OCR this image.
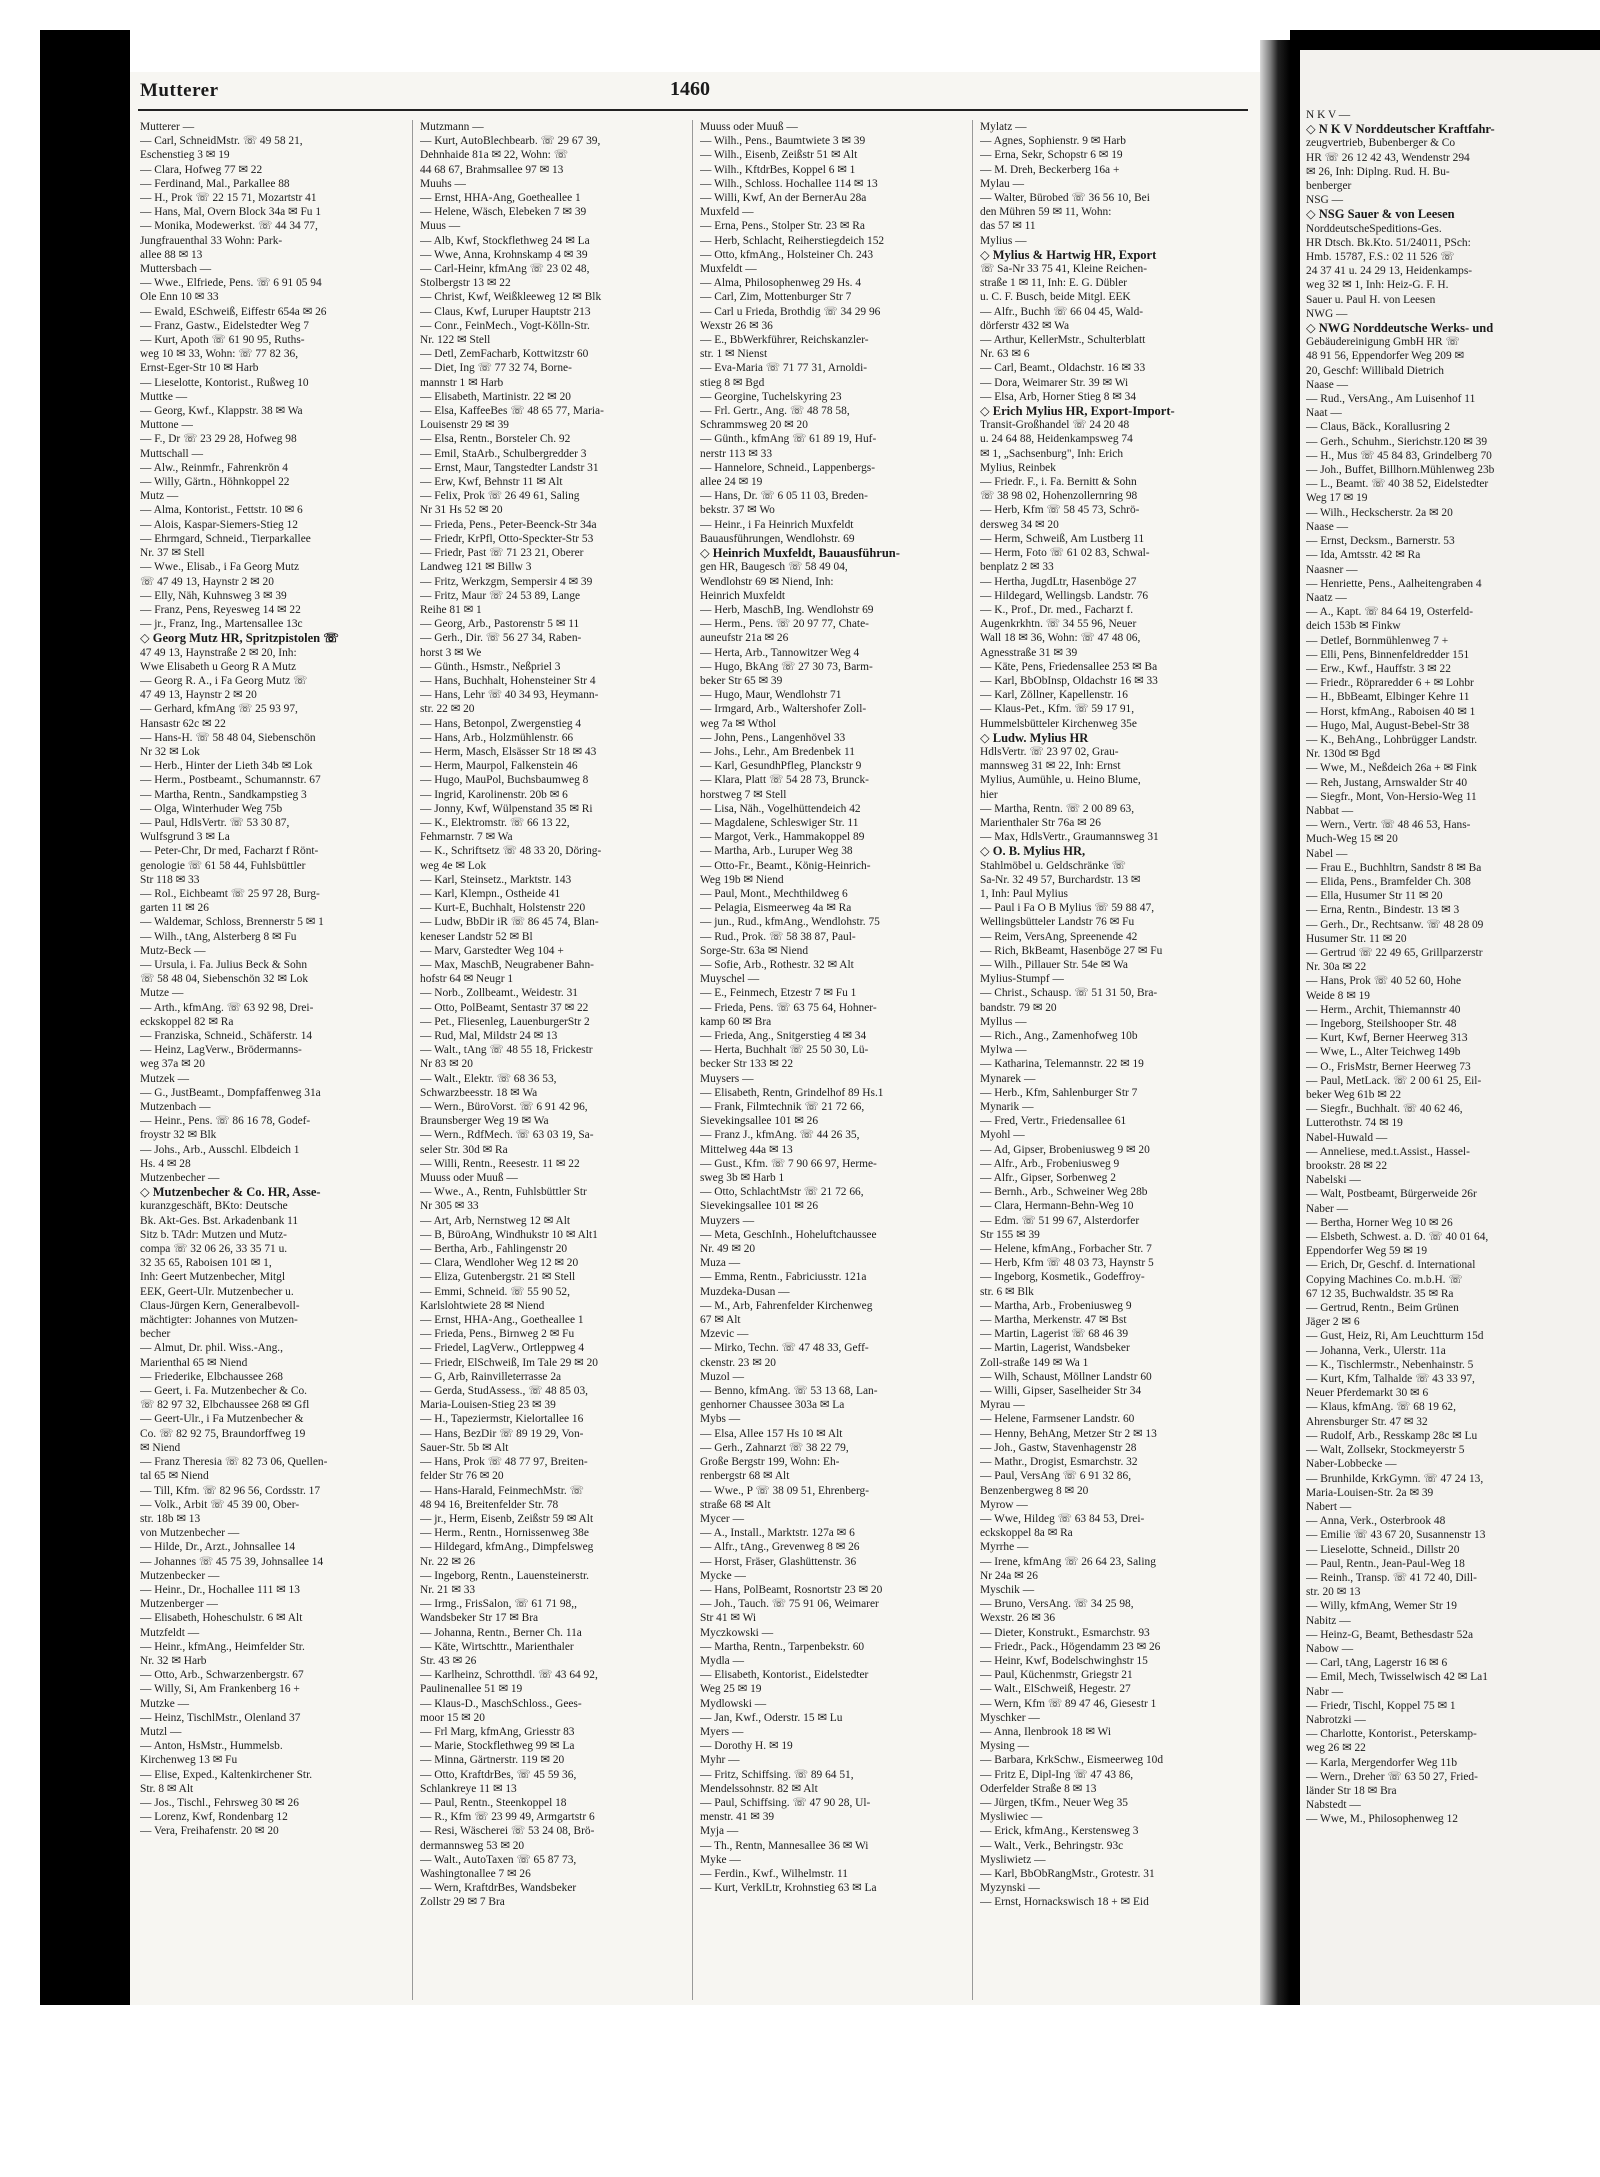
Mutterer	1460
Mutterer —
— Carl, SchneidMstr. ☏ 49 58 21,
Eschenstieg 3 ✉ 19
— Clara, Hofweg 77 ✉ 22
— Ferdinand, Mal., Parkallee 88
— H., Prok ☏ 22 15 71, Mozartstr 41
— Hans, Mal, Overn Block 34a ✉ Fu 1
— Monika, Modewerkst. ☏ 44 34 77,
Jungfrauenthal 33 Wohn: Park-
allee 88 ✉ 13
Muttersbach —
— Wwe., Elfriede, Pens. ☏ 6 91 05 94
Ole Enn 10 ✉ 33
— Ewald, ESchweiß, Eiffestr 654a ✉ 26
— Franz, Gastw., Eidelstedter Weg 7
— Kurt, Apoth ☏ 61 90 95, Ruths-
weg 10 ✉ 33, Wohn: ☏ 77 82 36,
Ernst-Eger-Str 10 ✉ Harb
— Lieselotte, Kontorist., Rußweg 10
Muttke —
— Georg, Kwf., Klappstr. 38 ✉ Wa
Muttone —
— F., Dr ☏ 23 29 28, Hofweg 98
Muttschall —
— Alw., Reinmfr., Fahrenkrön 4
— Willy, Gärtn., Höhnkoppel 22
Mutz —
— Alma, Kontorist., Fettstr. 10 ✉ 6
— Alois, Kaspar-Siemers-Stieg 12
— Ehrmgard, Schneid., Tierparkallee
Nr. 37 ✉ Stell
— Wwe., Elisab., i Fa Georg Mutz
☏ 47 49 13, Haynstr 2 ✉ 20
— Elly, Näh, Kuhnsweg 3 ✉ 39
— Franz, Pens, Reyesweg 14 ✉ 22
— jr., Franz, Ing., Martensallee 13c
◇ Georg Mutz HR, Spritzpistolen ☏
47 49 13, Haynstraße 2 ✉ 20, Inh:
Wwe Elisabeth u Georg R A Mutz
— Georg R. A., i Fa Georg Mutz ☏
47 49 13, Haynstr 2 ✉ 20
— Gerhard, kfmAng ☏ 25 93 97,
Hansastr 62c ✉ 22
— Hans-H. ☏ 58 48 04, Siebenschön
Nr 32 ✉ Lok
— Herb., Hinter der Lieth 34b ✉ Lok
— Herm., Postbeamt., Schumannstr. 67
— Martha, Rentn., Sandkampstieg 3
— Olga, Winterhuder Weg 75b
— Paul, HdlsVertr. ☏ 53 30 87,
Wulfsgrund 3 ✉ La
— Peter-Chr, Dr med, Facharzt f Rönt-
genologie ☏ 61 58 44, Fuhlsbüttler
Str 118 ✉ 33
— Rol., Eichbeamt ☏ 25 97 28, Burg-
garten 11 ✉ 26
— Waldemar, Schloss, Brennerstr 5 ✉ 1
— Wilh., tAng, Alsterberg 8 ✉ Fu
Mutz-Beck —
— Ursula, i. Fa. Julius Beck & Sohn
☏ 58 48 04, Siebenschön 32 ✉ Lok
Mutze —
— Arth., kfmAng. ☏ 63 92 98, Drei-
eckskoppel 82 ✉ Ra
— Franziska, Schneid., Schäferstr. 14
— Heinz, LagVerw., Brödermanns-
weg 37a ✉ 20
Mutzek —
— G., JustBeamt., Dompfaffenweg 31a
Mutzenbach —
— Heinr., Pens. ☏ 86 16 78, Godef-
froystr 32 ✉ Blk
— Johs., Arb., Ausschl. Elbdeich 1
Hs. 4 ✉ 28
Mutzenbecher —
◇ Mutzenbecher & Co. HR, Asse-
kuranzgeschäft, BKto: Deutsche
Bk. Akt-Ges. Bst. Arkadenbank 11
Sitz b. TAdr: Mutzen und Mutz-
compa ☏ 32 06 26, 33 35 71 u.
32 35 65, Raboisen 101 ✉ 1,
Inh: Geert Mutzenbecher, Mitgl
EEK, Geert-Ulr. Mutzenbecher u.
Claus-Jürgen Kern, Generalbevoll-
mächtigter: Johannes von Mutzen-
becher
— Almut, Dr. phil. Wiss.-Ang.,
Marienthal 65 ✉ Niend
— Friederike, Elbchaussee 268
— Geert, i. Fa. Mutzenbecher & Co.
☏ 82 97 32, Elbchaussee 268 ✉ Gfl
— Geert-Ulr., i Fa Mutzenbecher &
Co. ☏ 82 92 75, Braundorffweg 19
✉ Niend
— Franz Theresia ☏ 82 73 06, Quellen-
tal 65 ✉ Niend
— Till, Kfm. ☏ 82 96 56, Cordsstr. 17
— Volk., Arbit ☏ 45 39 00, Ober-
str. 18b ✉ 13
von Mutzenbecher —
— Hilde, Dr., Arzt., Johnsallee 14
— Johannes ☏ 45 75 39, Johnsallee 14
Mutzenbecker —
— Heinr., Dr., Hochallee 111 ✉ 13
Mutzenberger —
— Elisabeth, Hoheschulstr. 6 ✉ Alt
Mutzfeldt —
— Heinr., kfmAng., Heimfelder Str.
Nr. 32 ✉ Harb
— Otto, Arb., Schwarzenbergstr. 67
— Willy, Si, Am Frankenberg 16 +
Mutzke —
— Heinz, TischlMstr., Olenland 37
Mutzl —
— Anton, HsMstr., Hummelsb.
Kirchenweg 13 ✉ Fu
— Elise, Exped., Kaltenkirchener Str.
Str. 8 ✉ Alt
— Jos., Tischl., Fehrsweg 30 ✉ 26
— Lorenz, Kwf, Rondenbarg 12
— Vera, Freihafenstr. 20 ✉ 20
Mutzmann —
— Kurt, AutoBlechbearb. ☏ 29 67 39,
Dehnhaide 81a ✉ 22, Wohn: ☏
44 68 67, Brahmsallee 97 ✉ 13
Muuhs —
— Ernst, HHA-Ang, Goetheallee 1
— Helene, Wäsch, Elebeken 7 ✉ 39
Muus —
— Alb, Kwf, Stockflethweg 24 ✉ La
— Wwe, Anna, Krohnskamp 4 ✉ 39
— Carl-Heinr, kfmAng ☏ 23 02 48,
Stolbergstr 13 ✉ 22
— Christ, Kwf, Weißkleeweg 12 ✉ Blk
— Claus, Kwf, Luruper Hauptstr 213
— Conr., FeinMech., Vogt-Kölln-Str.
Nr. 122 ✉ Stell
— Detl, ZemFacharb, Kottwitzstr 60
— Diet, Ing ☏ 77 32 74, Borne-
mannstr 1 ✉ Harb
— Elisabeth, Martinistr. 22 ✉ 20
— Elsa, KaffeeBes ☏ 48 65 77, Maria-
Louisenstr 29 ✉ 39
— Elsa, Rentn., Borsteler Ch. 92
— Emil, StaArb., Schulbergredder 3
— Ernst, Maur, Tangstedter Landstr 31
— Erw, Kwf, Behnstr 11 ✉ Alt
— Felix, Prok ☏ 26 49 61, Saling
Nr 31 Hs 52 ✉ 20
— Frieda, Pens., Peter-Beenck-Str 34a
— Friedr, KrPfl, Otto-Speckter-Str 53
— Friedr, Past ☏ 71 23 21, Oberer
Landweg 121 ✉ Billw 3
— Fritz, Werkzgm, Sempersir 4 ✉ 39
— Fritz, Maur ☏ 24 53 89, Lange
Reihe 81 ✉ 1
— Georg, Arb., Pastorenstr 5 ✉ 11
— Gerh., Dir. ☏ 56 27 34, Raben-
horst 3 ✉ We
— Günth., Hsmstr., Neßpriel 3
— Hans, Buchhalt, Hohensteiner Str 4
— Hans, Lehr ☏ 40 34 93, Heymann-
str. 22 ✉ 20
— Hans, Betonpol, Zwergenstieg 4
— Hans, Arb., Holzmühlenstr. 66
— Herm, Masch, Elsässer Str 18 ✉ 43
— Herm, Maurpol, Falkenstein 46
— Hugo, MauPol, Buchsbaumweg 8
— Ingrid, Karolinenstr. 20b ✉ 6
— Jonny, Kwf, Wülpenstand 35 ✉ Ri
— K., Elektromstr. ☏ 66 13 22,
Fehmarnstr. 7 ✉ Wa
— K., Schriftsetz ☏ 48 33 20, Döring-
weg 4e ✉ Lok
— Karl, Steinsetz., Marktstr. 143
— Karl, Klempn., Ostheide 41
— Kurt-E, Buchhalt, Holstenstr 220
— Ludw, BbDir iR ☏ 86 45 74, Blan-
keneser Landstr 52 ✉ Bl
— Marv, Garstedter Weg 104 +
— Max, MaschB, Neugrabener Bahn-
hofstr 64 ✉ Neugr 1
— Norb., Zollbeamt., Weidestr. 31
— Otto, PolBeamt, Sentastr 37 ✉ 22
— Pet., Fliesenleg, LauenburgerStr 2
— Rud, Mal, Mildstr 24 ✉ 13
— Walt., tAng ☏ 48 55 18, Frickestr
Nr 83 ✉ 20
— Walt., Elektr. ☏ 68 36 53,
Schwarzbeesstr. 18 ✉ Wa
— Wern., BüroVorst. ☏ 6 91 42 96,
Braunsberger Weg 19 ✉ Wa
— Wern., RdfMech. ☏ 63 03 19, Sa-
seler Str. 30d ✉ Ra
— Willi, Rentn., Reesestr. 11 ✉ 22
Muuss oder Muuß —
— Wwe., A., Rentn, Fuhlsbüttler Str
Nr 305 ✉ 33
— Art, Arb, Nernstweg 12 ✉ Alt
— B, BüroAng, Windhukstr 10 ✉ Alt1
— Bertha, Arb., Fahlingenstr 20
— Clara, Wendloher Weg 12 ✉ 20
— Eliza, Gutenbergstr. 21 ✉ Stell
— Emmi, Schneid. ☏ 55 90 52,
Karlslohtwiete 28 ✉ Niend
— Ernst, HHA-Ang., Goetheallee 1
— Frieda, Pens., Birnweg 2 ✉ Fu
— Friedel, LagVerw., Ortleppweg 4
— Friedr, ElSchweiß, Im Tale 29 ✉ 20
— G, Arb, Rainvilleterrasse 2a
— Gerda, StudAssess., ☏ 48 85 03,
Maria-Louisen-Stieg 23 ✉ 39
— H., Tapeziermstr, Kielortallee 16
— Hans, BezDir ☏ 89 19 29, Von-
Sauer-Str. 5b ✉ Alt
— Hans, Prok ☏ 48 77 97, Breiten-
felder Str 76 ✉ 20
— Hans-Harald, FeinmechMstr. ☏
48 94 16, Breitenfelder Str. 78
— jr., Herm, Eisenb, Zeißstr 59 ✉ Alt
— Herm., Rentn., Hornissenweg 38e
— Hildegard, kfmAng., Dimpfelsweg
Nr. 22 ✉ 26
— Ingeborg, Rentn., Lauensteinerstr.
Nr. 21 ✉ 33
— Irmg., FrisSalon, ☏ 61 71 98,,
Wandsbeker Str 17 ✉ Bra
— Johanna, Rentn., Berner Ch. 11a
— Käte, Wirtschttr., Marienthaler
Str. 43 ✉ 26
— Karlheinz, Schrotthdl. ☏ 43 64 92,
Paulinenallee 51 ✉ 19
— Klaus-D., MaschSchloss., Gees-
moor 15 ✉ 20
— Frl Marg, kfmAng, Griesstr 83
— Marie, Stockflethweg 99 ✉ La
— Minna, Gärtnerstr. 119 ✉ 20
— Otto, KraftdrBes, ☏ 45 59 36,
Schlankreye 11 ✉ 13
— Paul, Rentn., Steenkoppel 18
— R., Kfm ☏ 23 99 49, Armgartstr 6
— Resi, Wäscherei ☏ 53 24 08, Brö-
dermannsweg 53 ✉ 20
— Walt., AutoTaxen ☏ 65 87 73,
Washingtonallee 7 ✉ 26
— Wern, KraftdrBes, Wandsbeker
Zollstr 29 ✉ 7 Bra
Muuss oder Muuß —
— Wilh., Pens., Baumtwiete 3 ✉ 39
— Wilh., Eisenb, Zeißstr 51 ✉ Alt
— Wilh., KftdrBes, Koppel 6 ✉ 1
— Wilh., Schloss. Hochallee 114 ✉ 13
— Willi, Kwf, An der BernerAu 28a
Muxfeld —
— Erna, Pens., Stolper Str. 23 ✉ Ra
— Herb, Schlacht, Reiherstiegdeich 152
— Otto, kfmAng., Holsteiner Ch. 243
Muxfeldt —
— Alma, Philosophenweg 29 Hs. 4
— Carl, Zim, Mottenburger Str 7
— Carl u Frieda, Brothdig ☏ 34 29 96
Wexstr 26 ✉ 36
— E., BbWerkführer, Reichskanzler-
str. 1 ✉ Nienst
— Eva-Maria ☏ 71 77 31, Arnoldi-
stieg 8 ✉ Bgd
— Georgine, Tuchelskyring 23
— Frl. Gertr., Ang. ☏ 48 78 58,
Schrammsweg 20 ✉ 20
— Günth., kfmAng ☏ 61 89 19, Huf-
nerstr 113 ✉ 33
— Hannelore, Schneid., Lappenbergs-
allee 24 ✉ 19
— Hans, Dr. ☏ 6 05 11 03, Breden-
bekstr. 37 ✉ Wo
— Heinr., i Fa Heinrich Muxfeldt
Bauausführungen, Wendlohstr. 69
◇ Heinrich Muxfeldt, Bauausführun-
gen HR, Baugesch ☏ 58 49 04,
Wendlohstr 69 ✉ Niend, Inh:
Heinrich Muxfeldt
— Herb, MaschB, Ing. Wendlohstr 69
— Herm., Pens. ☏ 20 97 77, Chate-
auneufstr 21a ✉ 26
— Herta, Arb., Tannowitzer Weg 4
— Hugo, BkAng ☏ 27 30 73, Barm-
beker Str 65 ✉ 39
— Hugo, Maur, Wendlohstr 71
— Irmgard, Arb., Waltershofer Zoll-
weg 7a ✉ Wthol
— John, Pens., Langenhövel 33
— Johs., Lehr., Am Bredenbek 11
— Karl, GesundhPfleg, Planckstr 9
— Klara, Platt ☏ 54 28 73, Brunck-
horstweg 7 ✉ Stell
— Lisa, Näh., Vogelhüttendeich 42
— Magdalene, Schleswiger Str. 11
— Margot, Verk., Hammakoppel 89
— Martha, Arb., Luruper Weg 38
— Otto-Fr., Beamt., König-Heinrich-
Weg 19b ✉ Niend
— Paul, Mont., Mechthildweg 6
— Pelagia, Eismeerweg 4a ✉ Ra
— jun., Rud., kfmAng., Wendlohstr. 75
— Rud., Prok. ☏ 58 38 87, Paul-
Sorge-Str. 63a ✉ Niend
— Sofie, Arb., Rothestr. 32 ✉ Alt
Muyschel —
— E., Feinmech, Etzestr 7 ✉ Fu 1
— Frieda, Pens. ☏ 63 75 64, Hohner-
kamp 60 ✉ Bra
— Frieda, Ang., Snitgerstieg 4 ✉ 34
— Herta, Buchhalt ☏ 25 50 30, Lü-
becker Str 133 ✉ 22
Muysers —
— Elisabeth, Rentn, Grindelhof 89 Hs.1
— Frank, Filmtechnik ☏ 21 72 66,
Sievekingsallee 101 ✉ 26
— Franz J., kfmAng. ☏ 44 26 35,
Mittelweg 44a ✉ 13
— Gust., Kfm. ☏ 7 90 66 97, Herme-
sweg 3b ✉ Harb 1
— Otto, SchlachtMstr ☏ 21 72 66,
Sievekingsallee 101 ✉ 26
Muyzers —
— Meta, GeschInh., Hoheluftchaussee
Nr. 49 ✉ 20
Muza —
— Emma, Rentn., Fabriciusstr. 121a
Muzdeka-Dusan —
— M., Arb, Fahrenfelder Kirchenweg
67 ✉ Alt
Mzevic —
— Mirko, Techn. ☏ 47 48 33, Geff-
ckenstr. 23 ✉ 20
Muzol —
— Benno, kfmAng. ☏ 53 13 68, Lan-
genhorner Chaussee 303a ✉ La
Mybs —
— Elsa, Allee 157 Hs 10 ✉ Alt
— Gerh., Zahnarzt ☏ 38 22 79,
Große Bergstr 199, Wohn: Eh-
renbergstr 68 ✉ Alt
— Wwe., P ☏ 38 09 51, Ehrenberg-
straße 68 ✉ Alt
Mycer —
— A., Install., Marktstr. 127a ✉ 6
— Alfr., tAng., Grevenweg 8 ✉ 26
— Horst, Fräser, Glashüttenstr. 36
Mycke —
— Hans, PolBeamt, Rosnortstr 23 ✉ 20
— Joh., Tauch. ☏ 75 91 06, Weimarer
Str 41 ✉ Wi
Myczkowski —
— Martha, Rentn., Tarpenbekstr. 60
Mydla —
— Elisabeth, Kontorist., Eidelstedter
Weg 25 ✉ 19
Mydlowski —
— Jan, Kwf., Oderstr. 15 ✉ Lu
Myers —
— Dorothy H. ✉ 19
Myhr —
— Fritz, Schiffsing. ☏ 89 64 51,
Mendelssohnstr. 82 ✉ Alt
— Paul, Schiffsing. ☏ 47 90 28, Ul-
menstr. 41 ✉ 39
Myja —
— Th., Rentn, Mannesallee 36 ✉ Wi
Myke —
— Ferdin., Kwf., Wilhelmstr. 11
— Kurt, VerklLtr, Krohnstieg 63 ✉ La
Mylatz —
— Agnes, Sophienstr. 9 ✉ Harb
— Erna, Sekr, Schopstr 6 ✉ 19
— M. Dreh, Beckerberg 16a +
Mylau —
— Walter, Bürobed ☏ 36 56 10, Bei
den Mühren 59 ✉ 11, Wohn:
das 57 ✉ 11
Mylius —
◇ Mylius & Hartwig HR, Export
☏ Sa-Nr 33 75 41, Kleine Reichen-
straße 1 ✉ 11, Inh: E. G. Dübler
u. C. F. Busch, beide Mitgl. EEK
— Alfr., Buchh ☏ 66 04 45, Wald-
dörferstr 432 ✉ Wa
— Arthur, KellerMstr., Schulterblatt
Nr. 63 ✉ 6
— Carl, Beamt., Oldachstr. 16 ✉ 33
— Dora, Weimarer Str. 39 ✉ Wi
— Elsa, Arb, Horner Stieg 8 ✉ 34
◇ Erich Mylius HR, Export-Import-
Transit-Großhandel ☏ 24 20 48
u. 24 64 88, Heidenkampsweg 74
✉ 1, „Sachsenburg", Inh: Erich
Mylius, Reinbek
— Friedr. F., i. Fa. Bernitt & Sohn
☏ 38 98 02, Hohenzollernring 98
— Herb, Kfm ☏ 58 45 73, Schrö-
dersweg 34 ✉ 20
— Herm, Schweiß, Am Lustberg 11
— Herm, Foto ☏ 61 02 83, Schwal-
benplatz 2 ✉ 33
— Hertha, JugdLtr, Hasenböge 27
— Hildegard, Wellingsb. Landstr. 76
— K., Prof., Dr. med., Facharzt f.
Augenkrkhtn. ☏ 34 55 96, Neuer
Wall 18 ✉ 36, Wohn: ☏ 47 48 06,
Agnesstraße 31 ✉ 39
— Käte, Pens, Friedensallee 253 ✉ Ba
— Karl, BbObInsp, Oldachstr 16 ✉ 33
— Karl, Zöllner, Kapellenstr. 16
— Klaus-Pet., Kfm. ☏ 59 17 91,
Hummelsbütteler Kirchenweg 35e
◇ Ludw. Mylius HR
HdlsVertr. ☏ 23 97 02, Grau-
mannsweg 31 ✉ 22, Inh: Ernst
Mylius, Aumühle, u. Heino Blume,
hier
— Martha, Rentn. ☏ 2 00 89 63,
Marienthaler Str 76a ✉ 26
— Max, HdlsVertr., Graumannsweg 31
◇ O. B. Mylius HR,
Stahlmöbel u. Geldschränke ☏
Sa-Nr. 32 49 57, Burchardstr. 13 ✉
1, Inh: Paul Mylius
— Paul i Fa O B Mylius ☏ 59 88 47,
Wellingsbütteler Landstr 76 ✉ Fu
— Reim, VersAng, Spreenende 42
— Rich, BkBeamt, Hasenböge 27 ✉ Fu
— Wilh., Pillauer Str. 54e ✉ Wa
Mylius-Stumpf —
— Christ., Schausp. ☏ 51 31 50, Bra-
bandstr. 79 ✉ 20
Myllus —
— Rich., Ang., Zamenhofweg 10b
Mylwa —
— Katharina, Telemannstr. 22 ✉ 19
Mynarek —
— Herb., Kfm, Sahlenburger Str 7
Mynarik —
— Fred, Vertr., Friedensallee 61
Myohl —
— Ad, Gipser, Brobeniusweg 9 ✉ 20
— Alfr., Arb., Frobeniusweg 9
— Alfr., Gipser, Sorbenweg 2
— Bernh., Arb., Schweiner Weg 28b
— Clara, Hermann-Behn-Weg 10
— Edm. ☏ 51 99 67, Alsterdorfer
Str 155 ✉ 39
— Helene, kfmAng., Forbacher Str. 7
— Herb, Kfm ☏ 48 03 73, Haynstr 5
— Ingeborg, Kosmetik., Godeffroy-
str. 6 ✉ Blk
— Martha, Arb., Frobeniusweg 9
— Martha, Merkenstr. 47 ✉ Bst
— Martin, Lagerist ☏ 68 46 39
— Martin, Lagerist, Wandsbeker
Zoll-straße 149 ✉ Wa 1
— Wilh, Schaust, Möllner Landstr 60
— Willi, Gipser, Saselheider Str 34
Myrau —
— Helene, Farmsener Landstr. 60
— Henny, BehAng, Metzer Str 2 ✉ 13
— Joh., Gastw, Stavenhagenstr 28
— Mathr., Drogist, Esmarchstr. 32
— Paul, VersAng ☏ 6 91 32 86,
Benzenbergweg 8 ✉ 20
Myrow —
— Wwe, Hildeg ☏ 63 84 53, Drei-
eckskoppel 8a ✉ Ra
Myrrhe —
— Irene, kfmAng ☏ 26 64 23, Saling
Nr 24a ✉ 26
Myschik —
— Bruno, VersAng. ☏ 34 25 98,
Wexstr. 26 ✉ 36
— Dieter, Konstrukt., Esmarchstr. 93
— Friedr., Pack., Högendamm 23 ✉ 26
— Heinr, Kwf, Bodelschwinghstr 15
— Paul, Küchenmstr, Griegstr 21
— Walt., ElSchweiß, Hegestr. 27
— Wern, Kfm ☏ 89 47 46, Giesestr 1
Myschker —
— Anna, Ilenbrook 18 ✉ Wi
Mysing —
— Barbara, KrkSchw., Eismeerweg 10d
— Fritz E, Dipl-Ing ☏ 47 43 86,
Oderfelder Straße 8 ✉ 13
— Jürgen, tKfm., Neuer Weg 35
Mysliwiec —
— Erick, kfmAng., Kerstensweg 3
— Walt., Verk., Behringstr. 93c
Mysliwietz —
— Karl, BbObRangMstr., Grotestr. 31
Myzynski —
— Ernst, Hornackswisch 18 + ✉ Eid
N K V —
◇ N K V Norddeutscher Kraftfahr-
zeugvertrieb, Bubenberger & Co
HR ☏ 26 12 42 43, Wendenstr 294
✉ 26, Inh: Diplng. Rud. H. Bu-
benberger
NSG —
◇ NSG Sauer & von Leesen
NorddeutscheSpeditions-Ges.
HR Dtsch. Bk.Kto. 51/24011, PSch:
Hmb. 15787, F.S.: 02 11 526 ☏
24 37 41 u. 24 29 13, Heidenkamps-
weg 32 ✉ 1, Inh: Heiz-G. F. H.
Sauer u. Paul H. von Leesen
NWG —
◇ NWG Norddeutsche Werks- und
Gebäudereinigung GmbH HR ☏
48 91 56, Eppendorfer Weg 209 ✉
20, Geschf: Willibald Dietrich
Naase —
— Rud., VersAng., Am Luisenhof 11
Naat —
— Claus, Bäck., Korallusring 2
— Gerh., Schuhm., Sierichstr.120 ✉ 39
— H., Mus ☏ 45 84 83, Grindelberg 70
— Joh., Buffet, Billhorn.Mühlenweg 23b
— L., Beamt. ☏ 40 38 52, Eidelstedter
Weg 17 ✉ 19
— Wilh., Heckscherstr. 2a ✉ 20
Naase —
— Ernst, Decksm., Barnerstr. 53
— Ida, Amtsstr. 42 ✉ Ra
Naasner —
— Henriette, Pens., Aalheitengraben 4
Naatz —
— A., Kapt. ☏ 84 64 19, Osterfeld-
deich 153b ✉ Finkw
— Detlef, Bornmühlenweg 7 +
— Elli, Pens, Binnenfeldredder 151
— Erw., Kwf., Hauffstr. 3 ✉ 22
— Friedr., Röpraredder 6 + ✉ Lohbr
— H., BbBeamt, Elbinger Kehre 11
— Horst, kfmAng., Raboisen 40 ✉ 1
— Hugo, Mal, August-Bebel-Str 38
— K., BehAng., Lohbrügger Landstr.
Nr. 130d ✉ Bgd
— Wwe, M., Neßdeich 26a + ✉ Fink
— Reh, Justang, Arnswalder Str 40
— Siegfr., Mont, Von-Hersio-Weg 11
Nabbat —
— Wern., Vertr. ☏ 48 46 53, Hans-
Much-Weg 15 ✉ 20
Nabel —
— Frau E., Buchhltrn, Sandstr 8 ✉ Ba
— Elida, Pens., Bramfelder Ch. 308
— Ella, Husumer Str 11 ✉ 20
— Erna, Rentn., Bindestr. 13 ✉ 3
— Gerh., Dr., Rechtsanw. ☏ 48 28 09
Husumer Str. 11 ✉ 20
— Gertrud ☏ 22 49 65, Grillparzerstr
Nr. 30a ✉ 22
— Hans, Prok ☏ 40 52 60, Hohe
Weide 8 ✉ 19
— Herm., Archit, Thiemannstr 40
— Ingeborg, Steilshooper Str. 48
— Kurt, Kwf, Berner Heerweg 313
— Wwe, L., Alter Teichweg 149b
— O., FrisMstr, Berner Heerweg 73
— Paul, MetLack. ☏ 2 00 61 25, Eil-
beker Weg 61b ✉ 22
— Siegfr., Buchhalt. ☏ 40 62 46,
Lutterothstr. 74 ✉ 19
Nabel-Huwald —
— Anneliese, med.t.Assist., Hassel-
brookstr. 28 ✉ 22
Nabelski —
— Walt, Postbeamt, Bürgerweide 26r
Naber —
— Bertha, Horner Weg 10 ✉ 26
— Elsbeth, Schwest. a. D. ☏ 40 01 64,
Eppendorfer Weg 59 ✉ 19
— Erich, Dr, Geschf. d. International
Copying Machines Co. m.b.H. ☏
67 12 35, Buchwaldstr. 35 ✉ Ra
— Gertrud, Rentn., Beim Grünen
Jäger 2 ✉ 6
— Gust, Heiz, Ri, Am Leuchtturm 15d
— Johanna, Verk., Ulerstr. 11a
— K., Tischlermstr., Nebenhainstr. 5
— Kurt, Kfm, Talhalde ☏ 43 33 97,
Neuer Pferdemarkt 30 ✉ 6
— Klaus, kfmAng. ☏ 68 19 62,
Ahrensburger Str. 47 ✉ 32
— Rudolf, Arb., Resskamp 28c ✉ Lu
— Walt, Zollsekr, Stockmeyerstr 5
Naber-Lobbecke —
— Brunhilde, KrkGymn. ☏ 47 24 13,
Maria-Louisen-Str. 2a ✉ 39
Nabert —
— Anna, Verk., Osterbrook 48
— Emilie ☏ 43 67 20, Susannenstr 13
— Lieselotte, Schneid., Dillstr 20
— Paul, Rentn., Jean-Paul-Weg 18
— Reinh., Transp. ☏ 41 72 40, Dill-
str. 20 ✉ 13
— Willy, kfmAng, Wemer Str 19
Nabitz —
— Heinz-G, Beamt, Bethesdastr 52a
Nabow —
— Carl, tAng, Lagerstr 16 ✉ 6
— Emil, Mech, Twisselwisch 42 ✉ La1
Nabr —
— Friedr, Tischl, Koppel 75 ✉ 1
Nabrotzki —
— Charlotte, Kontorist., Peterskamp-
weg 26 ✉ 22
— Karla, Mergendorfer Weg 11b
— Wern., Dreher ☏ 63 50 27, Fried-
länder Str 18 ✉ Bra
Nabstedt —
— Wwe, M., Philosophenweg 12
